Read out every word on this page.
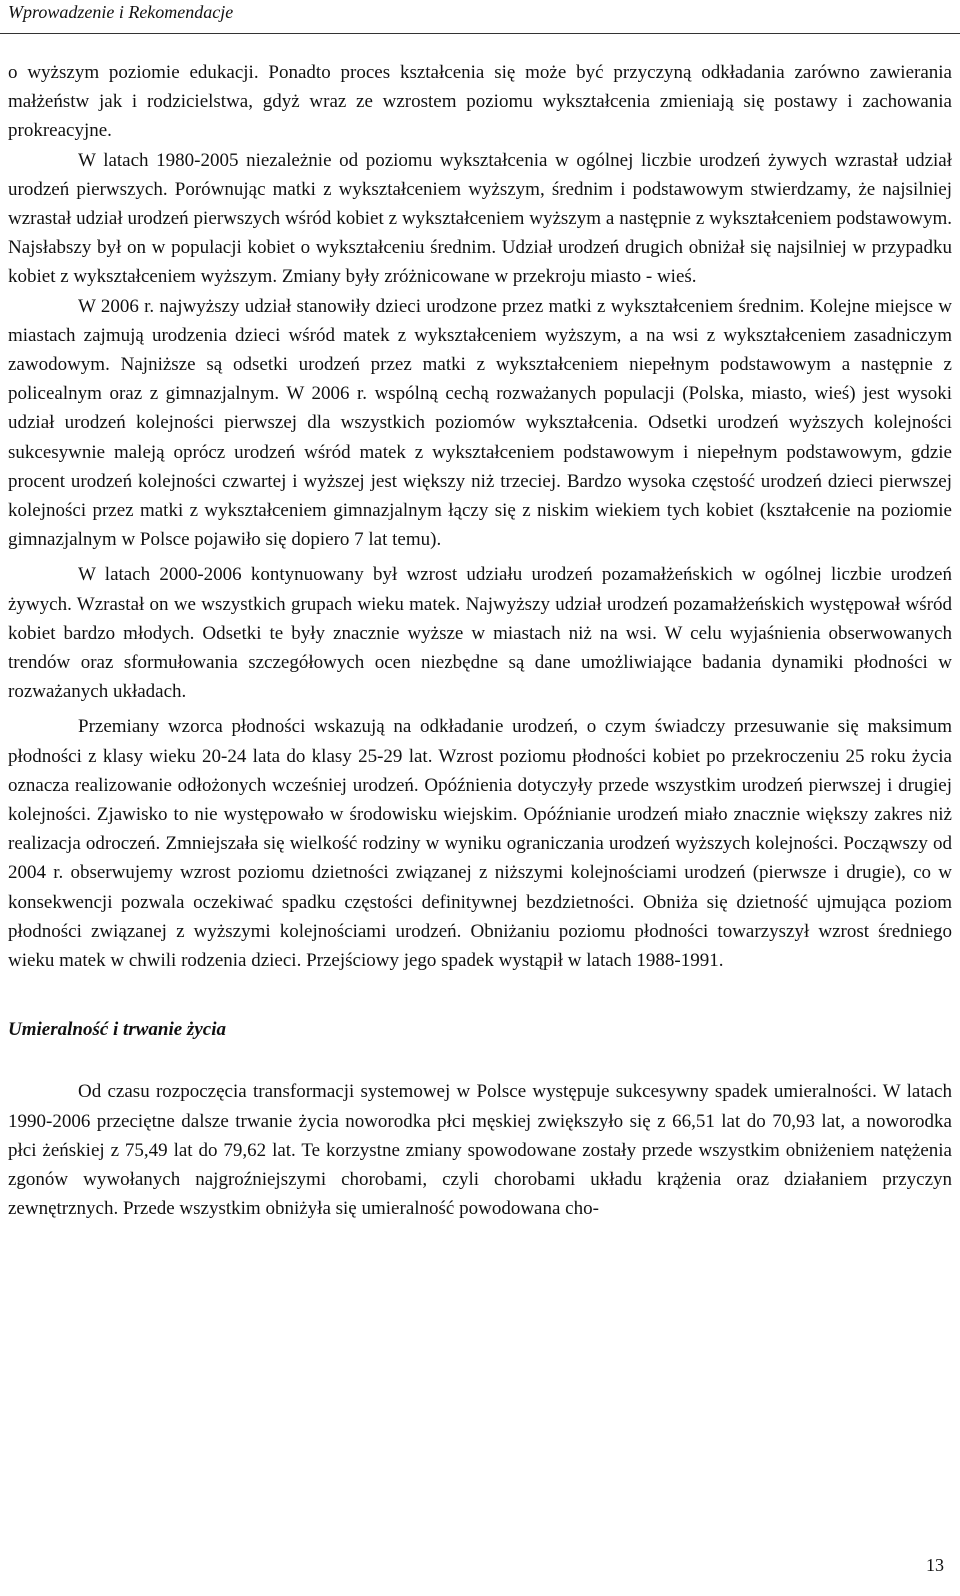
Wprowadzenie i Rekomendacje

o wyższym poziomie edukacji. Ponadto proces kształcenia się może być przyczyną odkładania zarówno zawierania małżeństw jak i rodzicielstwa, gdyż wraz ze wzrostem poziomu wykształcenia zmieniają się postawy i zachowania prokreacyjne.

W latach 1980-2005 niezależnie od poziomu wykształcenia w ogólnej liczbie urodzeń żywych wzrastał udział urodzeń pierwszych. Porównując matki z wykształceniem wyższym, średnim i podstawowym stwierdzamy, że najsilniej wzrastał udział urodzeń pierwszych wśród kobiet z wykształceniem wyższym a następnie z wykształceniem podstawowym. Najsłabszy był on w populacji kobiet o wykształceniu średnim. Udział urodzeń drugich obniżał się najsilniej w przypadku kobiet z wykształceniem wyższym. Zmiany były zróżnicowane w przekroju miasto - wieś.

W 2006 r. najwyższy udział stanowiły dzieci urodzone przez matki z wykształceniem średnim. Kolejne miejsce w miastach zajmują urodzenia dzieci wśród matek z wykształceniem wyższym, a na wsi z wykształceniem zasadniczym zawodowym. Najniższe są odsetki urodzeń przez matki z wykształceniem niepełnym podstawowym a następnie z policealnym oraz z gimnazjalnym. W 2006 r. wspólną cechą rozważanych populacji (Polska, miasto, wieś) jest wysoki udział urodzeń kolejności pierwszej dla wszystkich poziomów wykształcenia. Odsetki urodzeń wyższych kolejności sukcesywnie maleją oprócz urodzeń wśród matek z wykształceniem podstawowym i niepełnym podstawowym, gdzie procent urodzeń kolejności czwartej i wyższej jest większy niż trzeciej. Bardzo wysoka częstość urodzeń dzieci pierwszej kolejności przez matki z wykształceniem gimnazjalnym łączy się z niskim wiekiem tych kobiet (kształcenie na poziomie gimnazjalnym w Polsce pojawiło się dopiero 7 lat temu).

W latach 2000-2006 kontynuowany był wzrost udziału urodzeń pozamałżeńskich w ogólnej liczbie urodzeń żywych. Wzrastał on we wszystkich grupach wieku matek. Najwyższy udział urodzeń pozamałżeńskich występował wśród kobiet bardzo młodych. Odsetki te były znacznie wyższe w miastach niż na wsi. W celu wyjaśnienia obserwowanych trendów oraz sformułowania szczegółowych ocen niezbędne są dane umożliwiające badania dynamiki płodności w rozważanych układach.

Przemiany wzorca płodności wskazują na odkładanie urodzeń, o czym świadczy przesuwanie się maksimum płodności z klasy wieku 20-24 lata do klasy 25-29 lat. Wzrost poziomu płodności kobiet po przekroczeniu 25 roku życia oznacza realizowanie odłożonych wcześniej urodzeń. Opóźnienia dotyczyły przede wszystkim urodzeń pierwszej i drugiej kolejności. Zjawisko to nie występowało w środowisku wiejskim. Opóźnianie urodzeń miało znacznie większy zakres niż realizacja odroczeń. Zmniejszała się wielkość rodziny w wyniku ograniczania urodzeń wyższych kolejności. Począwszy od 2004 r. obserwujemy wzrost poziomu dzietności związanej z niższymi kolejnościami urodzeń (pierwsze i drugie), co w konsekwencji pozwala oczekiwać spadku częstości definitywnej bezdzietności. Obniża się dzietność ujmująca poziom płodności związanej z wyższymi kolejnościami urodzeń. Obniżaniu poziomu płodności towarzyszył wzrost średniego wieku matek w chwili rodzenia dzieci. Przejściowy jego spadek wystąpił w latach 1988-1991.

Umieralność i trwanie życia

Od czasu rozpoczęcia transformacji systemowej w Polsce występuje sukcesywny spadek umieralności. W latach 1990-2006 przeciętne dalsze trwanie życia noworodka płci męskiej zwiększyło się z 66,51 lat do 70,93 lat, a noworodka płci żeńskiej z 75,49 lat do 79,62 lat. Te korzystne zmiany spowodowane zostały przede wszystkim obniżeniem natężenia zgonów wywołanych najgroźniejszymi chorobami, czyli chorobami układu krążenia oraz działaniem przyczyn zewnętrznych. Przede wszystkim obniżyła się umieralność powodowana cho-

13
